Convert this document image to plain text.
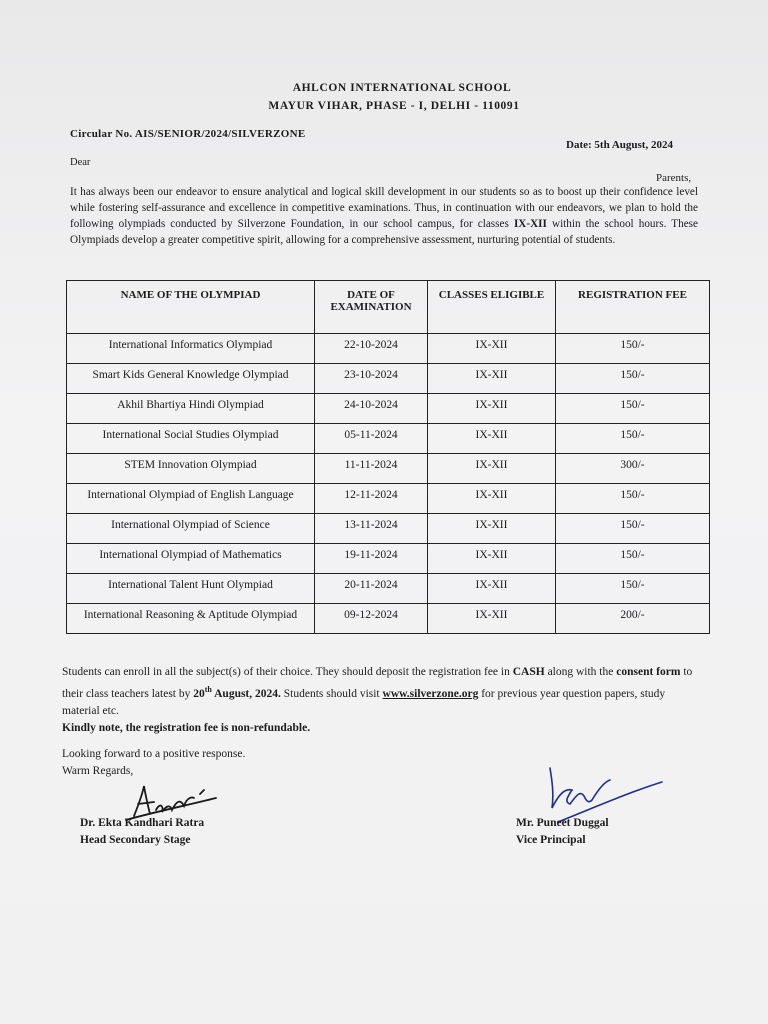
AHLCON INTERNATIONAL SCHOOL
MAYUR VIHAR, PHASE - I, DELHI - 110091
Circular No. AIS/SENIOR/2024/SILVERZONE
Date: 5th August, 2024
Dear
Parents,
It has always been our endeavor to ensure analytical and logical skill development in our students so as to boost up their confidence level while fostering self-assurance and excellence in competitive examinations. Thus, in continuation with our endeavors, we plan to hold the following olympiads conducted by Silverzone Foundation, in our school campus, for classes IX-XII within the school hours. These Olympiads develop a greater competitive spirit, allowing for a comprehensive assessment, nurturing potential of students.
NAME OF THE OLYMPIAD	DATE OF EXAMINATION	CLASSES ELIGIBLE	REGISTRATION FEE
International Informatics Olympiad	22-10-2024	IX-XII	150/-
Smart Kids General Knowledge Olympiad	23-10-2024	IX-XII	150/-
Akhil Bhartiya Hindi Olympiad	24-10-2024	IX-XII	150/-
International Social Studies Olympiad	05-11-2024	IX-XII	150/-
STEM Innovation Olympiad	11-11-2024	IX-XII	300/-
International Olympiad of English Language	12-11-2024	IX-XII	150/-
International Olympiad of Science	13-11-2024	IX-XII	150/-
International Olympiad of Mathematics	19-11-2024	IX-XII	150/-
International Talent Hunt Olympiad	20-11-2024	IX-XII	150/-
International Reasoning & Aptitude Olympiad	09-12-2024	IX-XII	200/-
Students can enroll in all the subject(s) of their choice. They should deposit the registration fee in CASH along with the consent form to their class teachers latest by 20th August, 2024. Students should visit www.silverzone.org for previous year question papers, study material etc.
Kindly note, the registration fee is non-refundable.
Looking forward to a positive response.
Warm Regards,
Dr. Ekta Kandhari Ratra
Head Secondary Stage
Mr. Puneet Duggal
Vice Principal
